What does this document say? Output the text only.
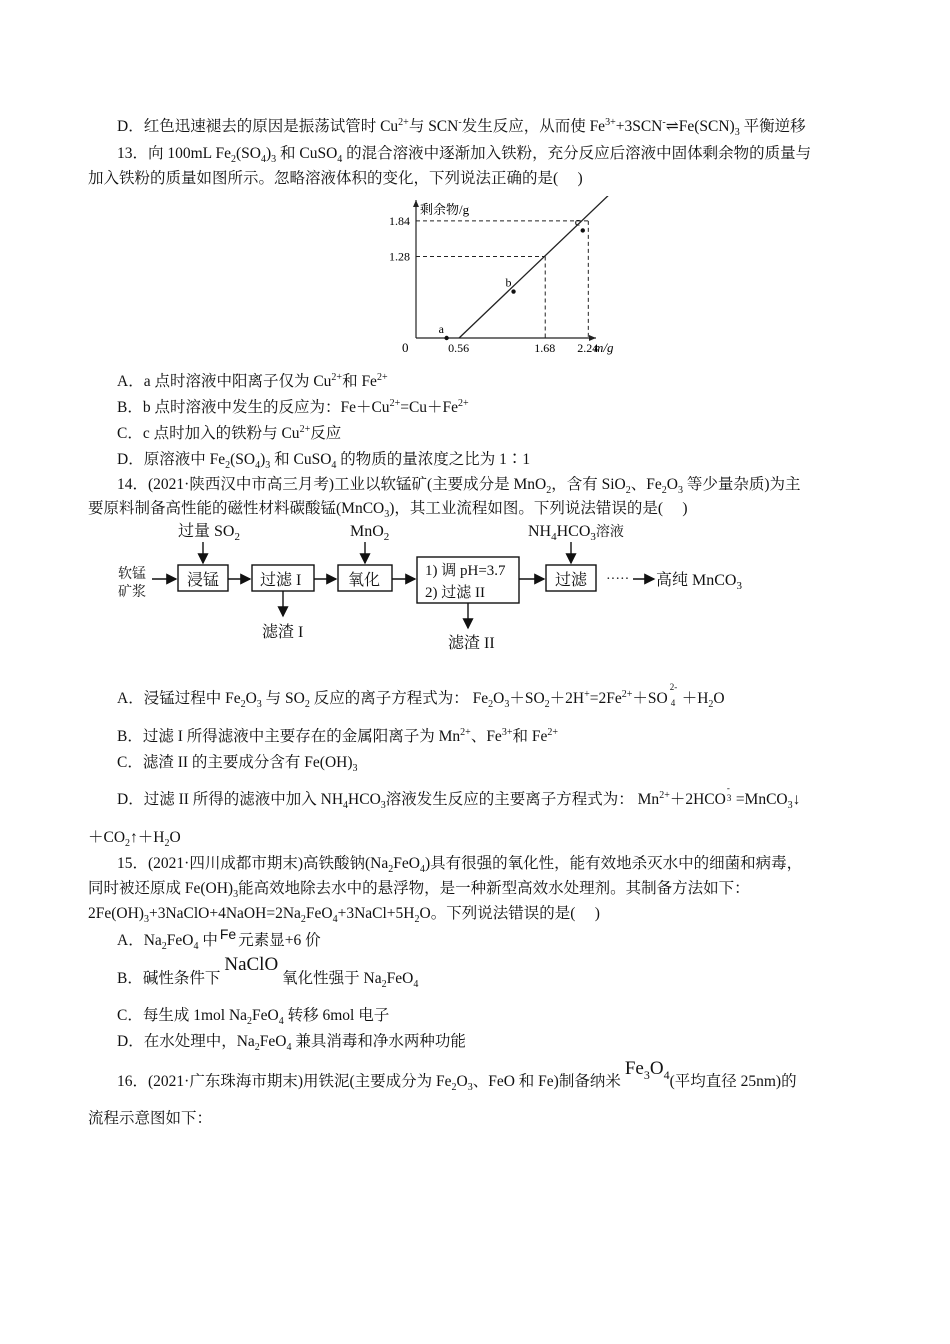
D．红色迅速褪去的原因是振荡试管时 $Cu^{2+}$与 SCN-发生反应，从而使 $Fe^{3+}+3SCN^-\rightleftharpoons Fe(SCN)_3$ 平衡逆移
13．向 100mL $Fe_2(SO_4)_3$ 和 CuSO$_4$ 的混合溶液中逐渐加入铁粉，充分反应后溶液中固体剩余物的质量与
加入铁粉的质量如图所示。忽略溶液体积的变化，下列说法正确的是(　 )
剩余物/g
m/g
0	0.56	1.68 2.24
1.28
1.84
a
b
c
A．a 点时溶液中阳离子仅为 $Cu^{2+}$和 $Fe^{2+}$
B．b 点时溶液中发生的反应为：$Fe+Cu^{2+}=Cu+Fe^{2+}$
C．c 点时加入的铁粉与 $Cu^{2+}$反应
D．原溶液中 $Fe_2(SO_4)_3$ 和 CuSO$_4$ 的物质的量浓度之比为 1∶1
14．(2021·陕西汉中市高三月考)工业以软锰矿(主要成分是 MnO$_2$，含有 SiO$_2$、$Fe_2O_3$ 等少量杂质)为主
要原料制备高性能的磁性材料碳酸锰(MnCO$_3$)，其工业流程如图。下列说法错误的是(　 )
软锰
矿浆
过量 $SO_2$	MnO$_2$	$NH_4HCO_3$溶液
浸锰	过滤 I	氧化
1) 调 pH=3.7
2) 过滤 II
过滤 ····· 高纯 MnCO$_3$
滤渣 I
滤渣 II
A．浸锰过程中 $Fe_2O_3$ 与 $SO_2$ 反应的离子方程式为： $Fe_2O_3+SO_2+2H^+=2Fe^{2+}+SO$
2-
$4 +H_2O$
B．过滤 I 所得滤液中主要存在的金属阳离子为 $Mn^{2+}$、$Fe^{3+}$和 $Fe^{2+}$
C．滤渣 II 的主要成分含有 $Fe(OH)_3$
D．过滤 II 所得的滤液中加入 $NH_4HCO_3$溶液发生反应的主要离子方程式为： $Mn^{2+}+2HCO$
-
3 =MnCO$_3$↓
$+CO_2↑+H_2O$
15．(2021·四川成都市期末)高铁酸钠$(Na_2FeO_4)$具有很强的氧化性，能有效地杀灭水中的细菌和病毒，
同时被还原成 $Fe(OH)_3$能高效地除去水中的悬浮物，是一种新型高效水处理剂。其制备方法如下：
$2Fe(OH)_3+3NaClO+4NaOH=2Na_2FeO_4+3NaCl+5H_2O$。下列说法错误的是(　 )
A．$Na_2FeO_4$ 中 Fe 元素显+6 价
B．碱性条件下NaClO氧化性强于 $Na_2FeO_4$
C．每生成 1mol $Na_2FeO_4$ 转移 6mol 电子
D．在水处理中，$Na_2FeO_4$ 兼具消毒和净水两种功能
16．(2021·广东珠海市期末)用铁泥(主要成分为 $Fe_2O_3$、FeO 和 Fe)制备纳米$Fe_3O_4$(平均直径 25nm)的
流程示意图如下：
